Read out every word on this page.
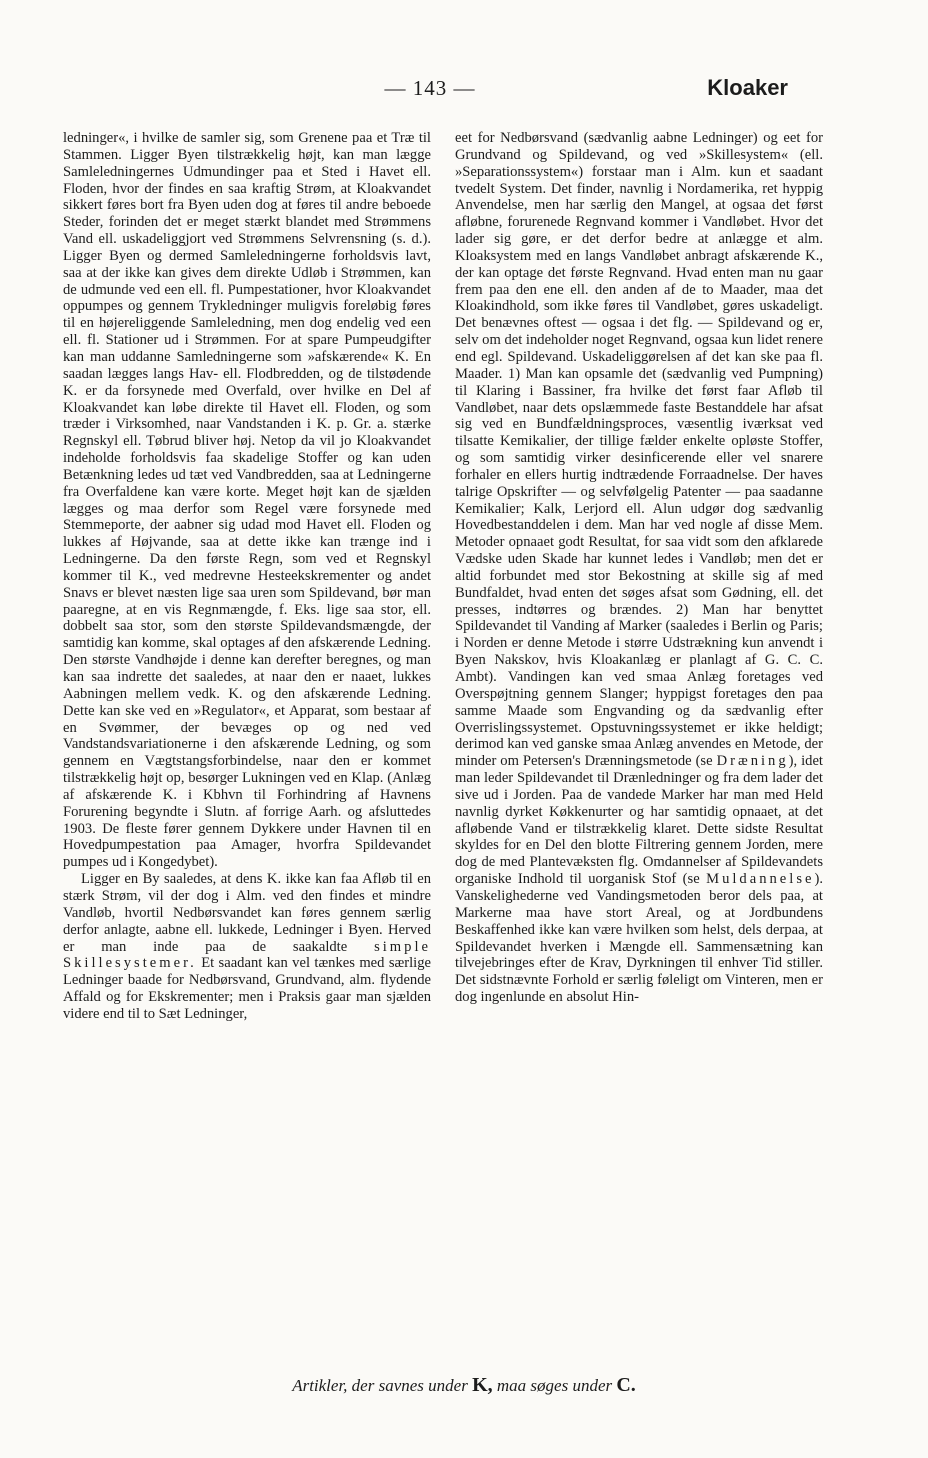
— 143 —	Kloaker

ledninger«, i hvilke de samler sig, som Grenene paa et Træ til Stammen. Ligger Byen tilstrækkelig højt, kan man lægge Samleledningernes Udmundinger paa et Sted i Havet ell. Floden, hvor der findes en saa kraftig Strøm, at Kloakvandet sikkert føres bort fra Byen uden dog at føres til andre beboede Steder, forinden det er meget stærkt blandet med Strømmens Vand ell. uskadeliggjort ved Strømmens Selvrensning (s. d.). Ligger Byen og dermed Samleledningerne forholdsvis lavt, saa at der ikke kan gives dem direkte Udløb i Strømmen, kan de udmunde ved een ell. fl. Pumpestationer, hvor Kloakvandet oppumpes og gennem Trykledninger muligvis foreløbig føres til en højereliggende Samleledning, men dog endelig ved een ell. fl. Stationer ud i Strømmen. For at spare Pumpeudgifter kan man uddanne Samledningerne som »afskærende« K. En saadan lægges langs Hav- ell. Flodbredden, og de tilstødende K. er da forsynede med Overfald, over hvilke en Del af Kloakvandet kan løbe direkte til Havet ell. Floden, og som træder i Virksomhed, naar Vandstanden i K. p. Gr. a. stærke Regnskyl ell. Tøbrud bliver høj. Netop da vil jo Kloakvandet indeholde forholdsvis faa skadelige Stoffer og kan uden Betænkning ledes ud tæt ved Vandbredden, saa at Ledningerne fra Overfaldene kan være korte. Meget højt kan de sjælden lægges og maa derfor som Regel være forsynede med Stemmeporte, der aabner sig udad mod Havet ell. Floden og lukkes af Højvande, saa at dette ikke kan trænge ind i Ledningerne. Da den første Regn, som ved et Regnskyl kommer til K., ved medrevne Hesteekskrementer og andet Snavs er blevet næsten lige saa uren som Spildevand, bør man paaregne, at en vis Regnmængde, f. Eks. lige saa stor, ell. dobbelt saa stor, som den største Spildevandsmængde, der samtidig kan komme, skal optages af den afskærende Ledning. Den største Vandhøjde i denne kan derefter beregnes, og man kan saa indrette det saaledes, at naar den er naaet, lukkes Aabningen mellem vedk. K. og den afskærende Ledning. Dette kan ske ved en »Regulator«, et Apparat, som bestaar af en Svømmer, der bevæges op og ned ved Vandstandsvariationerne i den afskærende Ledning, og som gennem en Vægtstangsforbindelse, naar den er kommet tilstrækkelig højt op, besørger Lukningen ved en Klap. (Anlæg af afskærende K. i Kbhvn til Forhindring af Havnens Forurening begyndte i Slutn. af forrige Aarh. og afsluttedes 1903. De fleste fører gennem Dykkere under Havnen til en Hovedpumpestation paa Amager, hvorfra Spildevandet pumpes ud i Kongedybet).

Ligger en By saaledes, at dens K. ikke kan faa Afløb til en stærk Strøm, vil der dog i Alm. ved den findes et mindre Vandløb, hvortil Nedbørsvandet kan føres gennem særlig derfor anlagte, aabne ell. lukkede, Ledninger i Byen. Herved er man inde paa de saakaldte simple Skillesystemer. Et saadant kan vel tænkes med særlige Ledninger baade for Nedbørsvand, Grundvand, alm. flydende Affald og for Ekskrementer; men i Praksis gaar man sjælden videre end til to Sæt Ledninger,

eet for Nedbørsvand (sædvanlig aabne Ledninger) og eet for Grundvand og Spildevand, og ved »Skillesystem« (ell. »Separationssystem«) forstaar man i Alm. kun et saadant tvedelt System. Det finder, navnlig i Nordamerika, ret hyppig Anvendelse, men har særlig den Mangel, at ogsaa det først afløbne, forurenede Regnvand kommer i Vandløbet. Hvor det lader sig gøre, er det derfor bedre at anlægge et alm. Kloaksystem med en langs Vandløbet anbragt afskærende K., der kan optage det første Regnvand. Hvad enten man nu gaar frem paa den ene ell. den anden af de to Maader, maa det Kloakindhold, som ikke føres til Vandløbet, gøres uskadeligt. Det benævnes oftest — ogsaa i det flg. — Spildevand og er, selv om det indeholder noget Regnvand, ogsaa kun lidet renere end egl. Spildevand. Uskadeliggørelsen af det kan ske paa fl. Maader. 1) Man kan opsamle det (sædvanlig ved Pumpning) til Klaring i Bassiner, fra hvilke det først faar Afløb til Vandløbet, naar dets opslæmmede faste Bestanddele har afsat sig ved en Bundfældningsproces, væsentlig iværksat ved tilsatte Kemikalier, der tillige fælder enkelte opløste Stoffer, og som samtidig virker desinficerende eller vel snarere forhaler en ellers hurtig indtrædende Forraadnelse. Der haves talrige Opskrifter — og selvfølgelig Patenter — paa saadanne Kemikalier; Kalk, Lerjord ell. Alun udgør dog sædvanlig Hovedbestanddelen i dem. Man har ved nogle af disse Mem. Metoder opnaaet godt Resultat, for saa vidt som den afklarede Vædske uden Skade har kunnet ledes i Vandløb; men det er altid forbundet med stor Bekostning at skille sig af med Bundfaldet, hvad enten det søges afsat som Gødning, ell. det presses, indtørres og brændes. 2) Man har benyttet Spildevandet til Vanding af Marker (saaledes i Berlin og Paris; i Norden er denne Metode i større Udstrækning kun anvendt i Byen Nakskov, hvis Kloakanlæg er planlagt af G. C. C. Ambt). Vandingen kan ved smaa Anlæg foretages ved Overspøjtning gennem Slanger; hyppigst foretages den paa samme Maade som Engvanding og da sædvanlig efter Overrislingssystemet. Opstuvningssystemet er ikke heldigt; derimod kan ved ganske smaa Anlæg anvendes en Metode, der minder om Petersen's Drænningsmetode (se Dræning), idet man leder Spildevandet til Drænledninger og fra dem lader det sive ud i Jorden. Paa de vandede Marker har man med Held navnlig dyrket Køkkenurter og har samtidig opnaaet, at det afløbende Vand er tilstrækkelig klaret. Dette sidste Resultat skyldes for en Del den blotte Filtrering gennem Jorden, mere dog de med Plantevæksten flg. Omdannelser af Spildevandets organiske Indhold til uorganisk Stof (se Muldannelse). Vanskelighederne ved Vandingsmetoden beror dels paa, at Markerne maa have stort Areal, og at Jordbundens Beskaffenhed ikke kan være hvilken som helst, dels derpaa, at Spildevandet hverken i Mængde ell. Sammensætning kan tilvejebringes efter de Krav, Dyrkningen til enhver Tid stiller. Det sidstnævnte Forhold er særlig føleligt om Vinteren, men er dog ingenlunde en absolut Hin-

Artikler, der savnes under K, maa søges under C.
